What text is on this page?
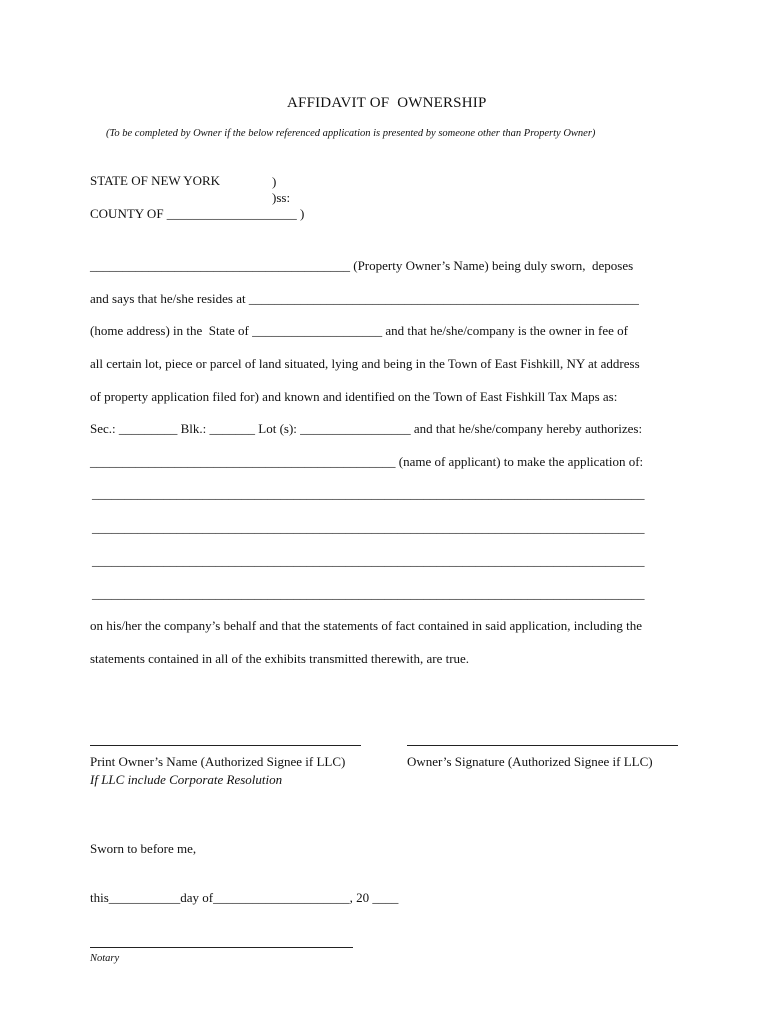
AFFIDAVIT OF  OWNERSHIP
(To be completed by Owner if the below referenced application is presented by someone other than Property Owner)
STATE OF NEW YORK	)
)ss:
COUNTY OF ____________________ )
________________________________________ (Property Owner’s Name) being duly sworn,  deposes
and says that he/she resides at ____________________________________________________________
(home address) in the  State of ____________________ and that he/she/company is the owner in fee of
all certain lot, piece or parcel of land situated, lying and being in the Town of East Fishkill, NY at address
of property application filed for) and known and identified on the Town of East Fishkill Tax Maps as:
Sec.: _________ Blk.: _______ Lot (s): _________________ and that he/she/company hereby authorizes:
_______________________________________________ (name of applicant) to make the application of:
_____________________________________________________________________________________
_____________________________________________________________________________________
_____________________________________________________________________________________
_____________________________________________________________________________________
on his/her the company’s behalf and that the statements of fact contained in said application, including the
statements contained in all of the exhibits transmitted therewith, are true.
Print Owner’s Name (Authorized Signee if LLC)	Owner’s Signature (Authorized Signee if LLC)
If LLC include Corporate Resolution
Sworn to before me,
this___________day of_____________________, 20 ____
Notary
